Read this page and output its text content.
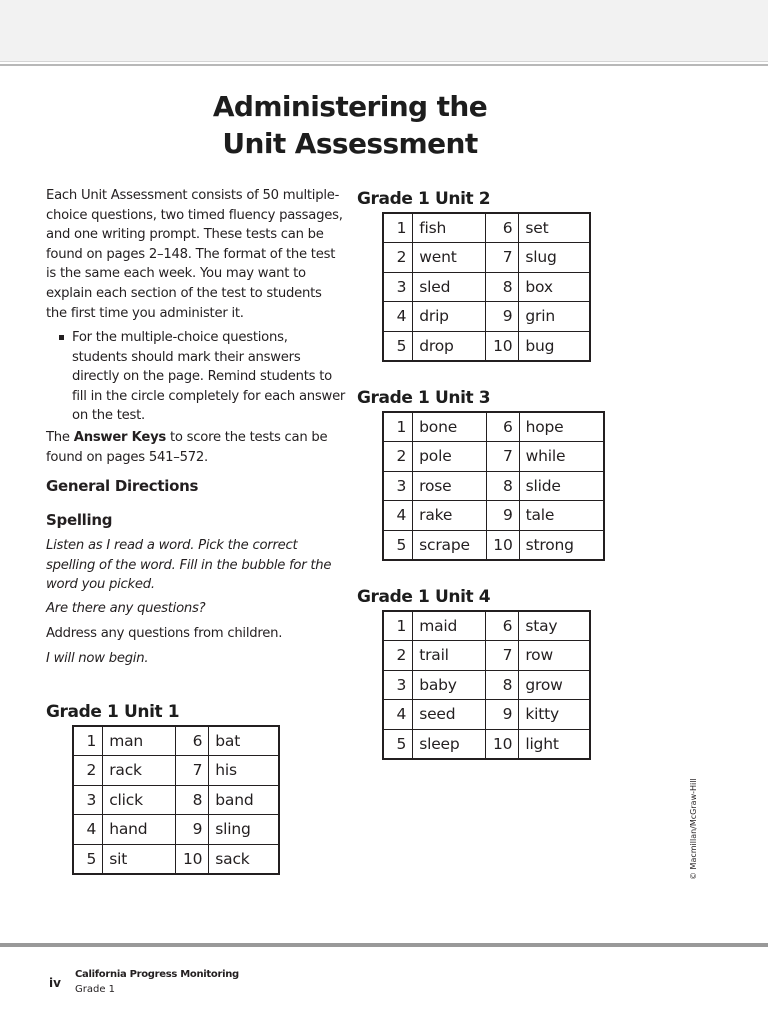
Administering the
Unit Assessment

Each Unit Assessment consists of 50 multiple-choice questions, two timed fluency passages, and one writing prompt. These tests can be found on pages 2–148. The format of the test is the same each week. You may want to explain each section of the test to students the first time you administer it.

For the multiple-choice questions, students should mark their answers directly on the page. Remind students to fill in the circle completely for each answer on the test.

The Answer Keys to score the tests can be found on pages 541–572.

General Directions

Spelling

Listen as I read a word. Pick the correct spelling of the word. Fill in the bubble for the word you picked.

Are there any questions?

Address any questions from children.

I will now begin.

Grade 1 Unit 1
1	man	6	bat
2	rack	7	his
3	click	8	band
4	hand	9	sling
5	sit	10	sack
Grade 1 Unit 2
1	fish	6	set
2	went	7	slug
3	sled	8	box
4	drip	9	grin
5	drop	10	bug
Grade 1 Unit 3
1	bone	6	hope
2	pole	7	while
3	rose	8	slide
4	rake	9	tale
5	scrape	10	strong
Grade 1 Unit 4
1	maid	6	stay
2	trail	7	row
3	baby	8	grow
4	seed	9	kitty
5	sleep	10	light
© Macmillan/McGraw-Hill
iv
California Progress Monitoring
Grade 1
